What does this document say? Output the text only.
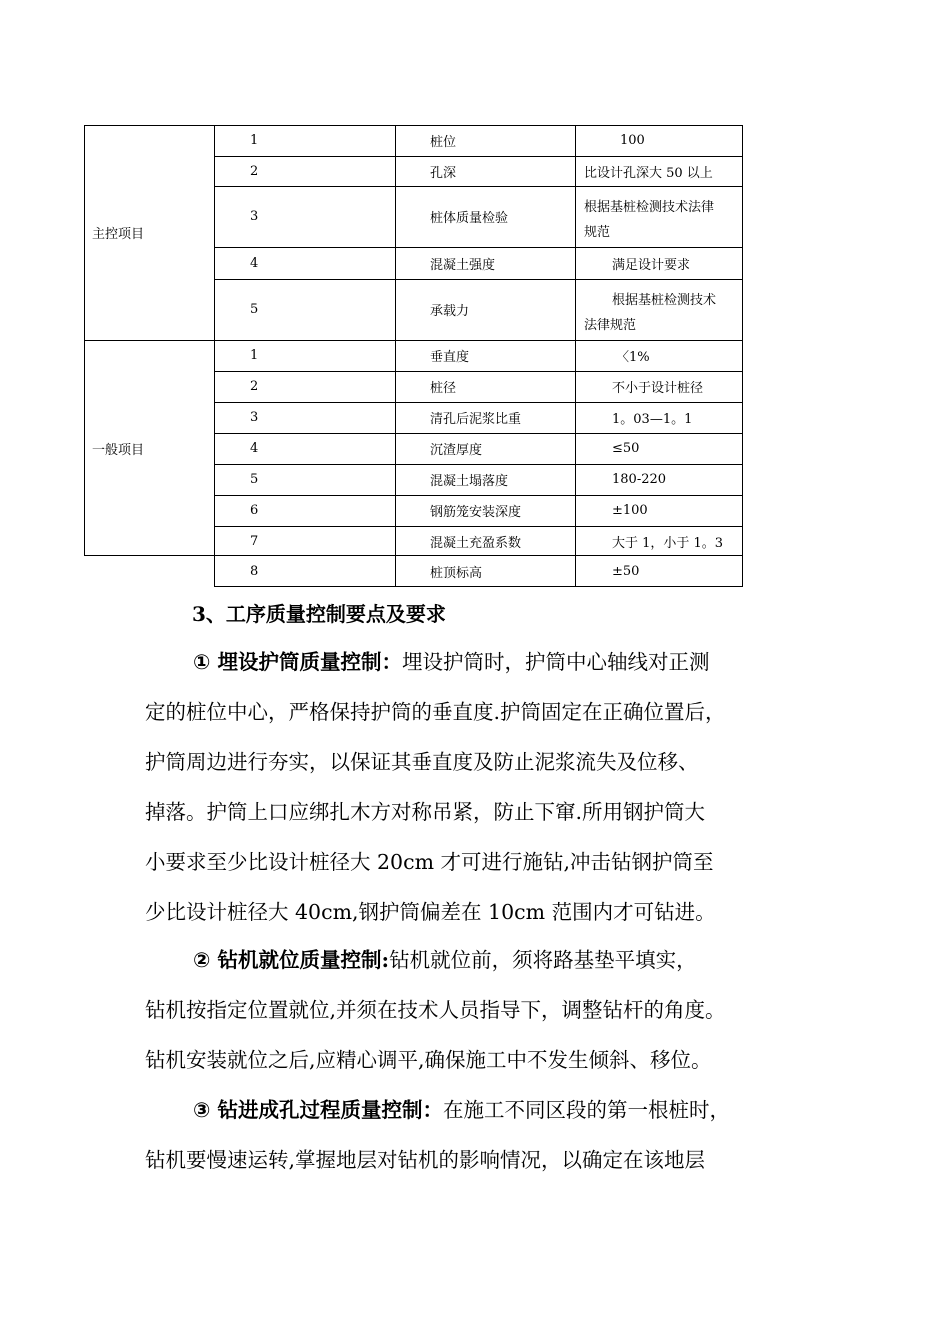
主控项目
一般项目
1	桩位	100
2	孔深	比设计孔深大 50 以上
3	桩体质量检验
根据基桩检测技术法律
规范
4	混凝土强度	满足设计要求
5	承载力
根据基桩检测技术
法律规范
1	垂直度	〈1%
2	桩径	不小于设计桩径
3	清孔后泥浆比重	1。03—1。1
4	沉渣厚度	≤50
5	混凝土塌落度	180-220
6	钢筋笼安装深度	±100
7	混凝土充盈系数	大于 1，小于 1。3
8	桩顶标高	±50
3、工序质量控制要点及要求
① 埋设护筒质量控制：埋设护筒时，护筒中心轴线对正测
定的桩位中心，严格保持护筒的垂直度.护筒固定在正确位置后，
护筒周边进行夯实，以保证其垂直度及防止泥浆流失及位移、
掉落。护筒上口应绑扎木方对称吊紧，防止下窜.所用钢护筒大
小要求至少比设计桩径大 20cm 才可进行施钻,冲击钻钢护筒至
少比设计桩径大 40cm,钢护筒偏差在 10cm 范围内才可钻进。
② 钻机就位质量控制:钻机就位前，须将路基垫平填实，
钻机按指定位置就位,并须在技术人员指导下，调整钻杆的角度。
钻机安装就位之后,应精心调平,确保施工中不发生倾斜、移位。
③ 钻进成孔过程质量控制：在施工不同区段的第一根桩时，
钻机要慢速运转,掌握地层对钻机的影响情况，以确定在该地层
